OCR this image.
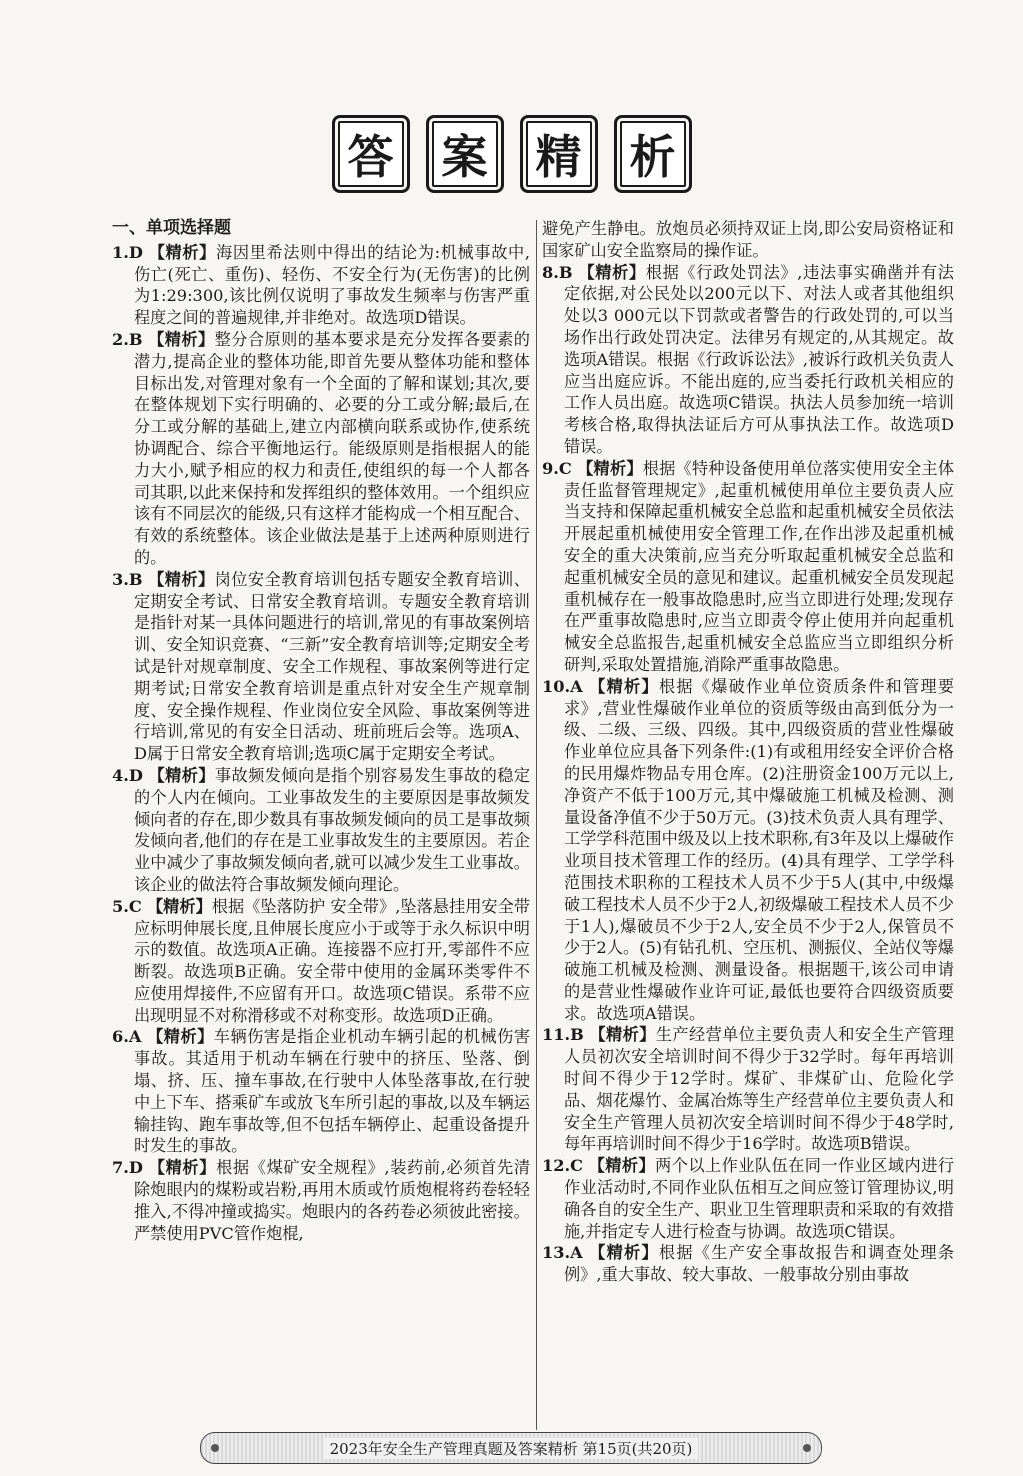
答	案	精	析
一、单项选择题

1.D 【精析】海因里希法则中得出的结论为:机械事故中,伤亡(死亡、重伤)、轻伤、不安全行为(无伤害)的比例为1:29:300,该比例仅说明了事故发生频率与伤害严重程度之间的普遍规律,并非绝对。故选项D错误。

2.B 【精析】整分合原则的基本要求是充分发挥各要素的潜力,提高企业的整体功能,即首先要从整体功能和整体目标出发,对管理对象有一个全面的了解和谋划;其次,要在整体规划下实行明确的、必要的分工或分解;最后,在分工或分解的基础上,建立内部横向联系或协作,使系统协调配合、综合平衡地运行。能级原则是指根据人的能力大小,赋予相应的权力和责任,使组织的每一个人都各司其职,以此来保持和发挥组织的整体效用。一个组织应该有不同层次的能级,只有这样才能构成一个相互配合、有效的系统整体。该企业做法是基于上述两种原则进行的。

3.B 【精析】岗位安全教育培训包括专题安全教育培训、定期安全考试、日常安全教育培训。专题安全教育培训是指针对某一具体问题进行的培训,常见的有事故案例培训、安全知识竞赛、“三新”安全教育培训等;定期安全考试是针对规章制度、安全工作规程、事故案例等进行定期考试;日常安全教育培训是重点针对安全生产规章制度、安全操作规程、作业岗位安全风险、事故案例等进行培训,常见的有安全日活动、班前班后会等。选项A、D属于日常安全教育培训;选项C属于定期安全考试。

4.D 【精析】事故频发倾向是指个别容易发生事故的稳定的个人内在倾向。工业事故发生的主要原因是事故频发倾向者的存在,即少数具有事故频发倾向的员工是事故频发倾向者,他们的存在是工业事故发生的主要原因。若企业中减少了事故频发倾向者,就可以减少发生工业事故。该企业的做法符合事故频发倾向理论。

5.C 【精析】根据《坠落防护 安全带》,坠落悬挂用安全带应标明伸展长度,且伸展长度应小于或等于永久标识中明示的数值。故选项A正确。连接器不应打开,零部件不应断裂。故选项B正确。安全带中使用的金属环类零件不应使用焊接件,不应留有开口。故选项C错误。系带不应出现明显不对称滑移或不对称变形。故选项D正确。

6.A 【精析】车辆伤害是指企业机动车辆引起的机械伤害事故。其适用于机动车辆在行驶中的挤压、坠落、倒塌、挤、压、撞车事故,在行驶中人体坠落事故,在行驶中上下车、搭乘矿车或放飞车所引起的事故,以及车辆运输挂钩、跑车事故等,但不包括车辆停止、起重设备提升时发生的事故。

7.D 【精析】根据《煤矿安全规程》,装药前,必须首先清除炮眼内的煤粉或岩粉,再用木质或竹质炮棍将药卷轻轻推入,不得冲撞或捣实。炮眼内的各药卷必须彼此密接。严禁使用PVC管作炮棍,

避免产生静电。放炮员必须持双证上岗,即公安局资格证和国家矿山安全监察局的操作证。

8.B 【精析】根据《行政处罚法》,违法事实确凿并有法定依据,对公民处以200元以下、对法人或者其他组织处以3 000元以下罚款或者警告的行政处罚的,可以当场作出行政处罚决定。法律另有规定的,从其规定。故选项A错误。根据《行政诉讼法》,被诉行政机关负责人应当出庭应诉。不能出庭的,应当委托行政机关相应的工作人员出庭。故选项C错误。执法人员参加统一培训考核合格,取得执法证后方可从事执法工作。故选项D错误。

9.C 【精析】根据《特种设备使用单位落实使用安全主体责任监督管理规定》,起重机械使用单位主要负责人应当支持和保障起重机械安全总监和起重机械安全员依法开展起重机械使用安全管理工作,在作出涉及起重机械安全的重大决策前,应当充分听取起重机械安全总监和起重机械安全员的意见和建议。起重机械安全员发现起重机械存在一般事故隐患时,应当立即进行处理;发现存在严重事故隐患时,应当立即责令停止使用并向起重机械安全总监报告,起重机械安全总监应当立即组织分析研判,采取处置措施,消除严重事故隐患。

10.A 【精析】根据《爆破作业单位资质条件和管理要求》,营业性爆破作业单位的资质等级由高到低分为一级、二级、三级、四级。其中,四级资质的营业性爆破作业单位应具备下列条件:(1)有或租用经安全评价合格的民用爆炸物品专用仓库。(2)注册资金100万元以上,净资产不低于100万元,其中爆破施工机械及检测、测量设备净值不少于50万元。(3)技术负责人具有理学、工学学科范围中级及以上技术职称,有3年及以上爆破作业项目技术管理工作的经历。(4)具有理学、工学学科范围技术职称的工程技术人员不少于5人(其中,中级爆破工程技术人员不少于2人,初级爆破工程技术人员不少于1人),爆破员不少于2人,安全员不少于2人,保管员不少于2人。(5)有钻孔机、空压机、测振仪、全站仪等爆破施工机械及检测、测量设备。根据题干,该公司申请的是营业性爆破作业许可证,最低也要符合四级资质要求。故选项A错误。

11.B 【精析】生产经营单位主要负责人和安全生产管理人员初次安全培训时间不得少于32学时。每年再培训时间不得少于12学时。煤矿、非煤矿山、危险化学品、烟花爆竹、金属冶炼等生产经营单位主要负责人和安全生产管理人员初次安全培训时间不得少于48学时,每年再培训时间不得少于16学时。故选项B错误。

12.C 【精析】两个以上作业队伍在同一作业区域内进行作业活动时,不同作业队伍相互之间应签订管理协议,明确各自的安全生产、职业卫生管理职责和采取的有效措施,并指定专人进行检查与协调。故选项C错误。

13.A 【精析】根据《生产安全事故报告和调查处理条例》,重大事故、较大事故、一般事故分别由事故

2023年安全生产管理真题及答案精析 第15页(共20页)
